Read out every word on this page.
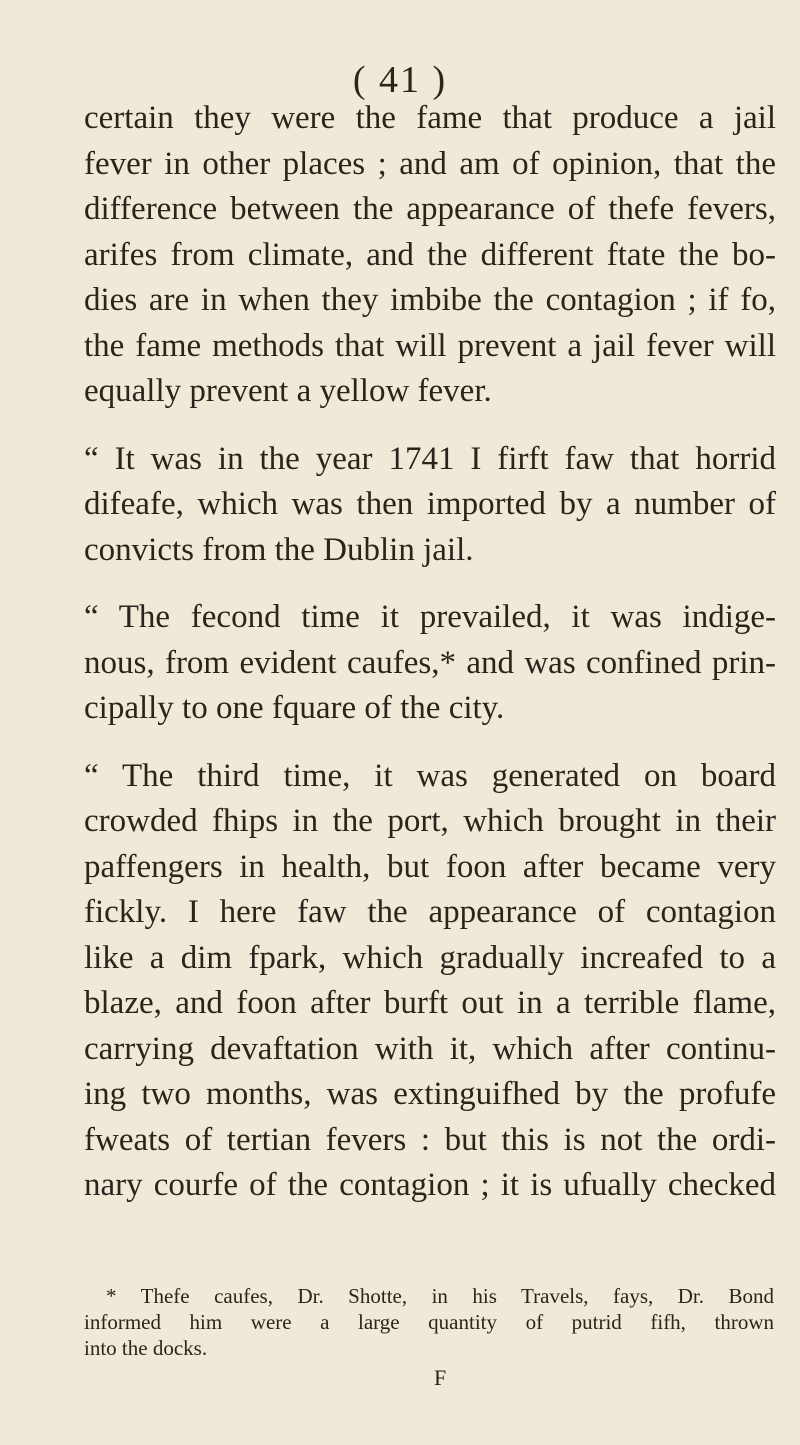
( 41 )
certain they were the fame that produce a jail
fever in other places ; and am of opinion, that the
difference between the appearance of thefe fevers,
arifes from climate, and the different ftate the bo-
dies are in when they imbibe the contagion ; if fo,
the fame methods that will prevent a jail fever will
equally prevent a yellow fever.
“ It was in the year 1741 I firft faw that horrid
difeafe, which was then imported by a number of
convicts from the Dublin jail.
“ The fecond time it prevailed, it was indige-
nous, from evident caufes,* and was confined prin-
cipally to one fquare of the city.
“ The third time, it was generated on board
crowded fhips in the port, which brought in their
paffengers in health, but foon after became very
fickly. I here faw the appearance of contagion
like a dim fpark, which gradually increafed to a
blaze, and foon after burft out in a terrible flame,
carrying devaftation with it, which after continu-
ing two months, was extinguifhed by the profufe
fweats of tertian fevers : but this is not the ordi-
nary courfe of the contagion ; it is ufually checked
* Thefe caufes, Dr. Shotte, in his Travels, fays, Dr. Bond
informed him were a large quantity of putrid fifh, thrown
into the docks.
F
